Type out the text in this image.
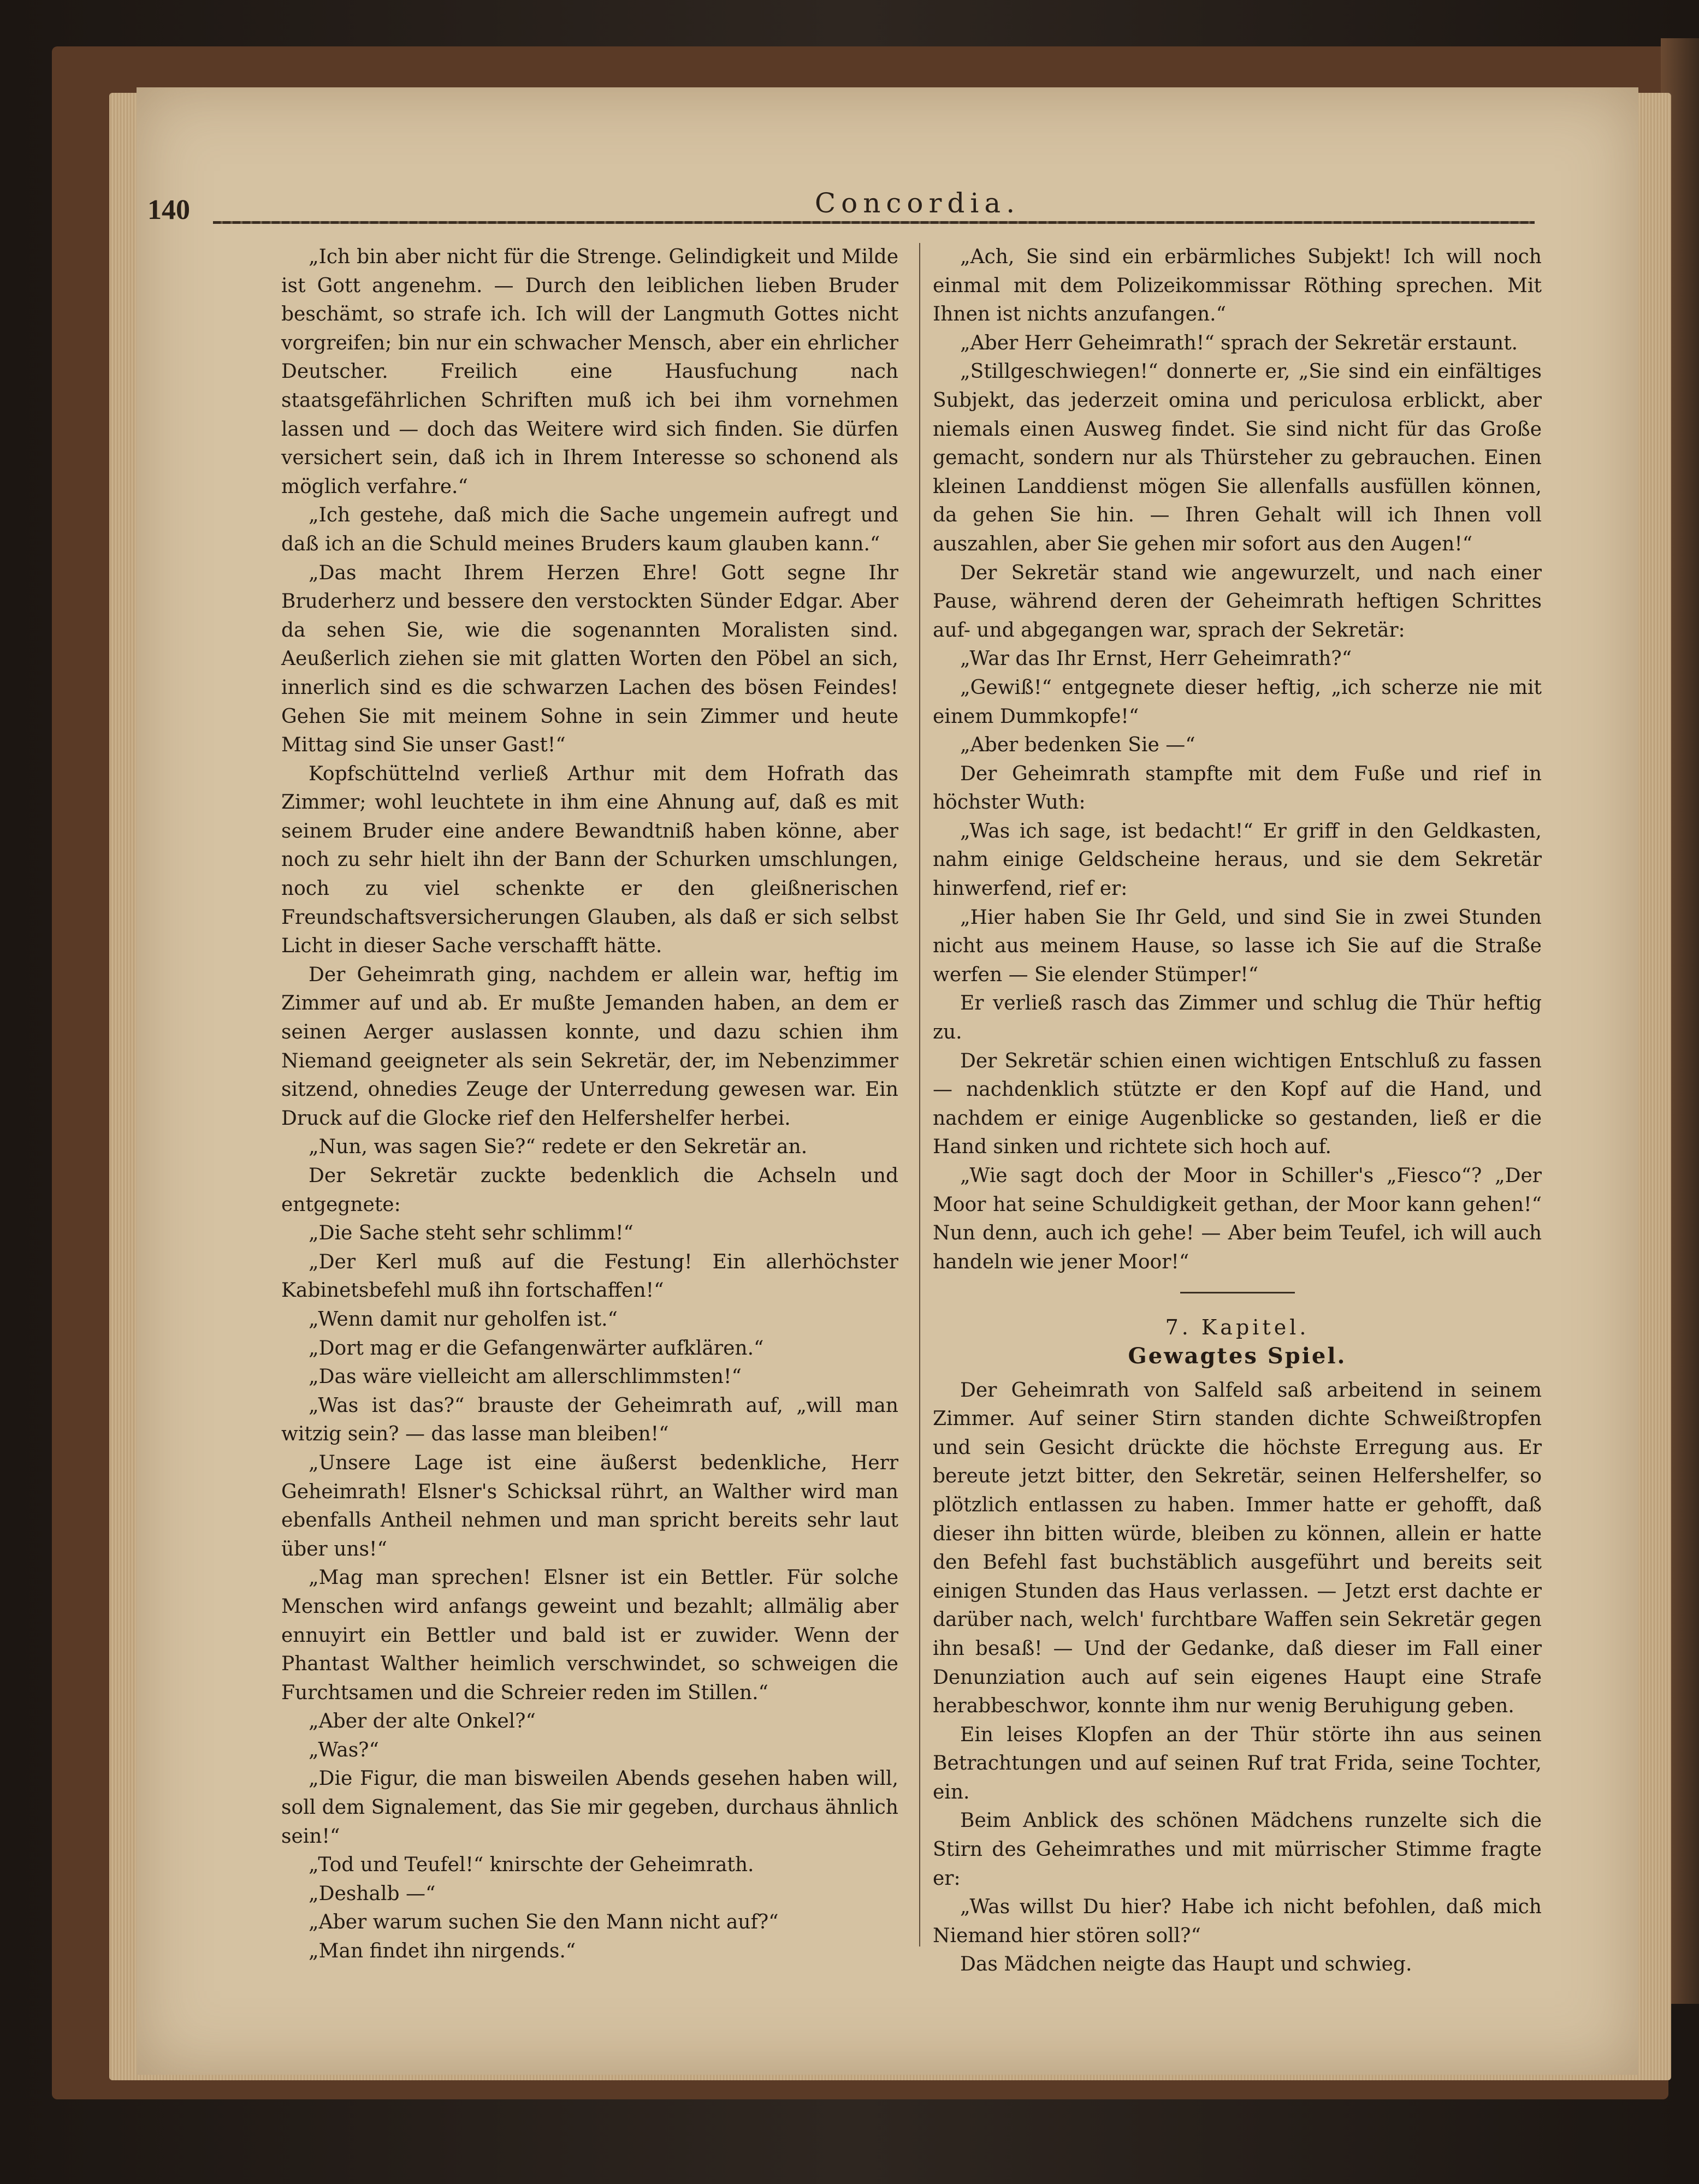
140	Concordia.

„Ich bin aber nicht für die Strenge. Gelindigkeit und Milde ist Gott angenehm. — Durch den leiblichen lieben Bruder beschämt, so strafe ich. Ich will der Langmuth Gottes nicht vorgreifen; bin nur ein schwacher Mensch, aber ein ehrlicher Deutscher. Freilich eine Hausfuchung nach staatsgefährlichen Schriften muß ich bei ihm vornehmen lassen und — doch das Weitere wird sich finden. Sie dürfen versichert sein, daß ich in Ihrem Interesse so schonend als möglich verfahre.“

„Ich gestehe, daß mich die Sache ungemein aufregt und daß ich an die Schuld meines Bruders kaum glauben kann.“

„Das macht Ihrem Herzen Ehre! Gott segne Ihr Bruderherz und bessere den verstockten Sünder Edgar. Aber da sehen Sie, wie die sogenannten Moralisten sind. Aeußerlich ziehen sie mit glatten Worten den Pöbel an sich, innerlich sind es die schwarzen Lachen des bösen Feindes! Gehen Sie mit meinem Sohne in sein Zimmer und heute Mittag sind Sie unser Gast!“

Kopfschüttelnd verließ Arthur mit dem Hofrath das Zimmer; wohl leuchtete in ihm eine Ahnung auf, daß es mit seinem Bruder eine andere Bewandtniß haben könne, aber noch zu sehr hielt ihn der Bann der Schurken umschlungen, noch zu viel schenkte er den gleißnerischen Freundschaftsversicherungen Glauben, als daß er sich selbst Licht in dieser Sache verschafft hätte.

Der Geheimrath ging, nachdem er allein war, heftig im Zimmer auf und ab. Er mußte Jemanden haben, an dem er seinen Aerger auslassen konnte, und dazu schien ihm Niemand geeigneter als sein Sekretär, der, im Nebenzimmer sitzend, ohnedies Zeuge der Unterredung gewesen war. Ein Druck auf die Glocke rief den Helfershelfer herbei.

„Nun, was sagen Sie?“ redete er den Sekretär an.

Der Sekretär zuckte bedenklich die Achseln und entgegnete:

„Die Sache steht sehr schlimm!“

„Der Kerl muß auf die Festung! Ein allerhöchster Kabinetsbefehl muß ihn fortschaffen!“

„Wenn damit nur geholfen ist.“

„Dort mag er die Gefangenwärter aufklären.“

„Das wäre vielleicht am allerschlimmsten!“

„Was ist das?“ brauste der Geheimrath auf, „will man witzig sein? — das lasse man bleiben!“

„Unsere Lage ist eine äußerst bedenkliche, Herr Geheimrath! Elsner's Schicksal rührt, an Walther wird man ebenfalls Antheil nehmen und man spricht bereits sehr laut über uns!“

„Mag man sprechen! Elsner ist ein Bettler. Für solche Menschen wird anfangs geweint und bezahlt; allmälig aber ennuyirt ein Bettler und bald ist er zuwider. Wenn der Phantast Walther heimlich verschwindet, so schweigen die Furchtsamen und die Schreier reden im Stillen.“

„Aber der alte Onkel?“

„Was?“

„Die Figur, die man bisweilen Abends gesehen haben will, soll dem Signalement, das Sie mir gegeben, durchaus ähnlich sein!“

„Tod und Teufel!“ knirschte der Geheimrath.

„Deshalb —“

„Aber warum suchen Sie den Mann nicht auf?“

„Man findet ihn nirgends.“

„Ach, Sie sind ein erbärmliches Subjekt! Ich will noch einmal mit dem Polizeikommissar Röthing sprechen. Mit Ihnen ist nichts anzufangen.“

„Aber Herr Geheimrath!“ sprach der Sekretär erstaunt.

„Stillgeschwiegen!“ donnerte er, „Sie sind ein einfältiges Subjekt, das jederzeit omina und periculosa erblickt, aber niemals einen Ausweg findet. Sie sind nicht für das Große gemacht, sondern nur als Thürsteher zu gebrauchen. Einen kleinen Landdienst mögen Sie allenfalls ausfüllen können, da gehen Sie hin. — Ihren Gehalt will ich Ihnen voll auszahlen, aber Sie gehen mir sofort aus den Augen!“

Der Sekretär stand wie angewurzelt, und nach einer Pause, während deren der Geheimrath heftigen Schrittes auf- und abgegangen war, sprach der Sekretär:

„War das Ihr Ernst, Herr Geheimrath?“

„Gewiß!“ entgegnete dieser heftig, „ich scherze nie mit einem Dummkopfe!“

„Aber bedenken Sie —“

Der Geheimrath stampfte mit dem Fuße und rief in höchster Wuth:

„Was ich sage, ist bedacht!“ Er griff in den Geldkasten, nahm einige Geldscheine heraus, und sie dem Sekretär hinwerfend, rief er:

„Hier haben Sie Ihr Geld, und sind Sie in zwei Stunden nicht aus meinem Hause, so lasse ich Sie auf die Straße werfen — Sie elender Stümper!“

Er verließ rasch das Zimmer und schlug die Thür heftig zu.

Der Sekretär schien einen wichtigen Entschluß zu fassen — nachdenklich stützte er den Kopf auf die Hand, und nachdem er einige Augenblicke so gestanden, ließ er die Hand sinken und richtete sich hoch auf.

„Wie sagt doch der Moor in Schiller's „Fiesco“? „Der Moor hat seine Schuldigkeit gethan, der Moor kann gehen!“ Nun denn, auch ich gehe! — Aber beim Teufel, ich will auch handeln wie jener Moor!“

7. Kapitel.

Gewagtes Spiel.

Der Geheimrath von Salfeld saß arbeitend in seinem Zimmer. Auf seiner Stirn standen dichte Schweißtropfen und sein Gesicht drückte die höchste Erregung aus. Er bereute jetzt bitter, den Sekretär, seinen Helfershelfer, so plötzlich entlassen zu haben. Immer hatte er gehofft, daß dieser ihn bitten würde, bleiben zu können, allein er hatte den Befehl fast buchstäblich ausgeführt und bereits seit einigen Stunden das Haus verlassen. — Jetzt erst dachte er darüber nach, welch' furchtbare Waffen sein Sekretär gegen ihn besaß! — Und der Gedanke, daß dieser im Fall einer Denunziation auch auf sein eigenes Haupt eine Strafe herabbeschwor, konnte ihm nur wenig Beruhigung geben.

Ein leises Klopfen an der Thür störte ihn aus seinen Betrachtungen und auf seinen Ruf trat Frida, seine Tochter, ein.

Beim Anblick des schönen Mädchens runzelte sich die Stirn des Geheimrathes und mit mürrischer Stimme fragte er:

„Was willst Du hier? Habe ich nicht befohlen, daß mich Niemand hier stören soll?“

Das Mädchen neigte das Haupt und schwieg.
